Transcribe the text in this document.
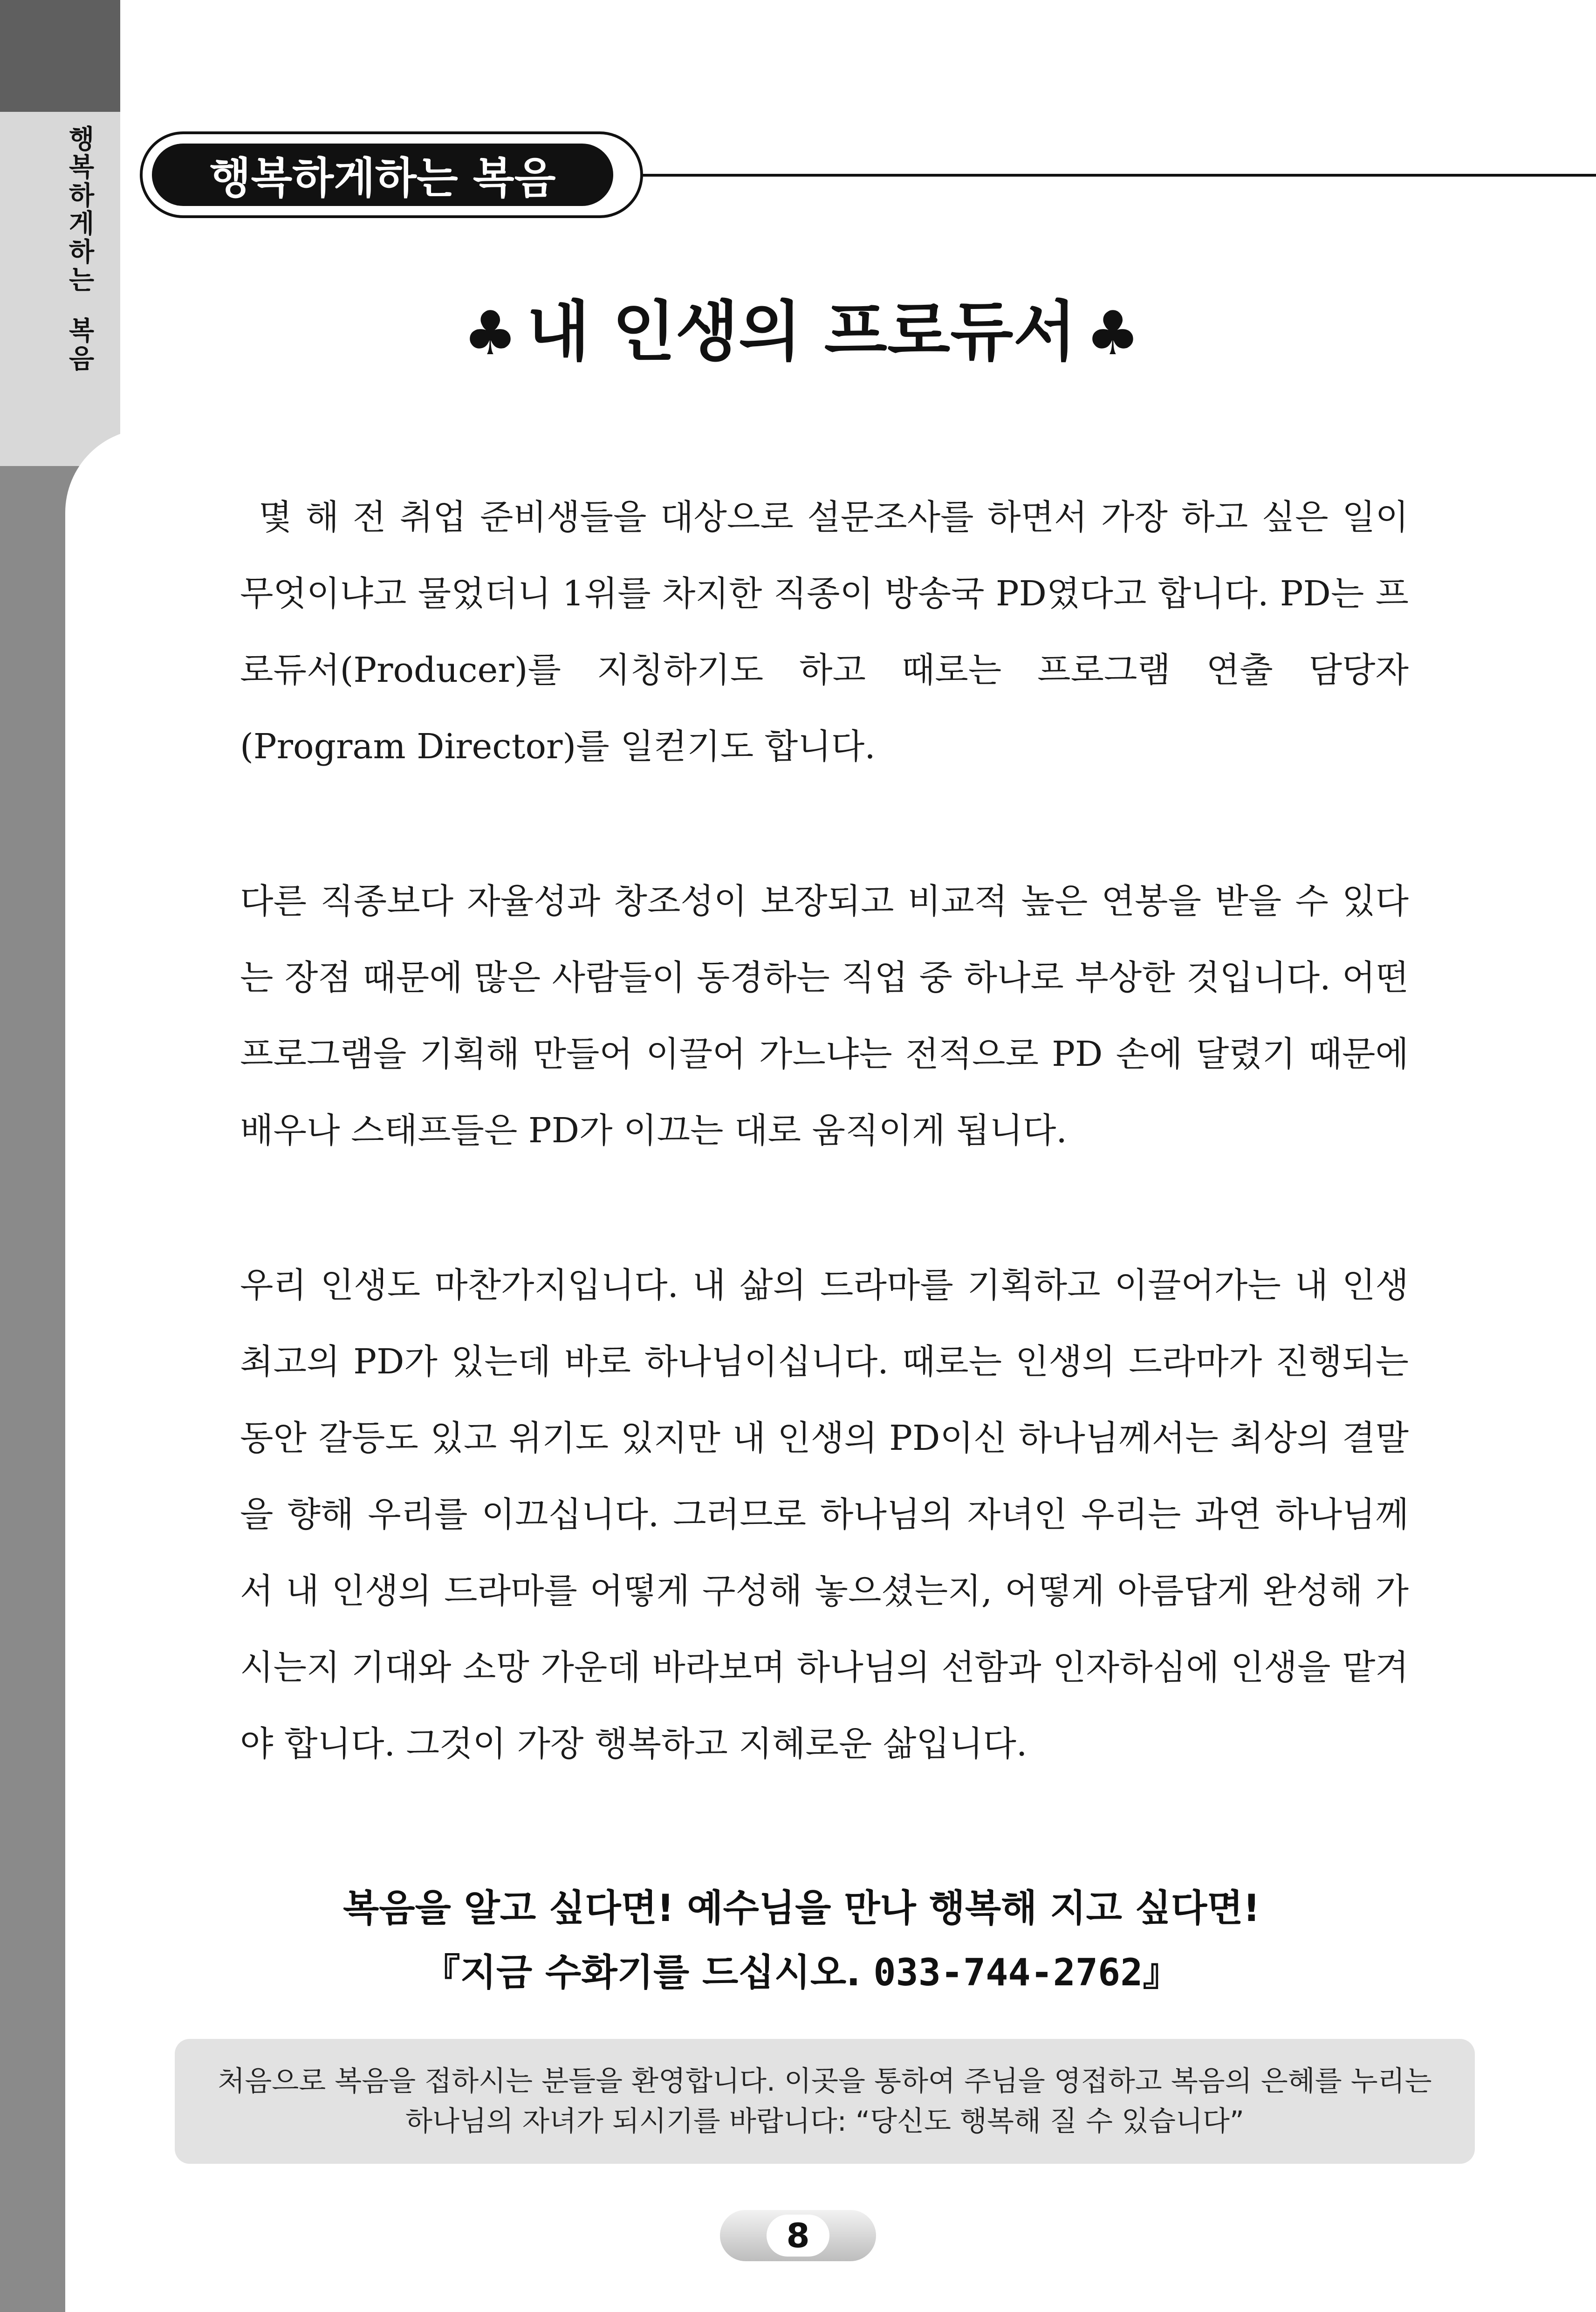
행
복
하
게
하
는
복
음
행복하게하는 복음
♣ 내 인생의 프로듀서 ♣

몇 해 전 취업 준비생들을 대상으로 설문조사를 하면서 가장 하고 싶은 일이 무엇이냐고 물었더니 1위를 차지한 직종이 방송국 PD였다고 합니다. PD는 프로듀서(Producer)를 지칭하기도 하고 때로는 프로그램 연출 담당자(Program Director)를 일컫기도 합니다.

다른 직종보다 자율성과 창조성이 보장되고 비교적 높은 연봉을 받을 수 있다는 장점 때문에 많은 사람들이 동경하는 직업 중 하나로 부상한 것입니다. 어떤 프로그램을 기획해 만들어 이끌어 가느냐는 전적으로 PD 손에 달렸기 때문에 배우나 스태프들은 PD가 이끄는 대로 움직이게 됩니다.

우리 인생도 마찬가지입니다. 내 삶의 드라마를 기획하고 이끌어가는 내 인생 최고의 PD가 있는데 바로 하나님이십니다. 때로는 인생의 드라마가 진행되는 동안 갈등도 있고 위기도 있지만 내 인생의 PD이신 하나님께서는 최상의 결말을 향해 우리를 이끄십니다. 그러므로 하나님의 자녀인 우리는 과연 하나님께서 내 인생의 드라마를 어떻게 구성해 놓으셨는지, 어떻게 아름답게 완성해 가시는지 기대와 소망 가운데 바라보며 하나님의 선함과 인자하심에 인생을 맡겨야 합니다. 그것이 가장 행복하고 지혜로운 삶입니다.

복음을 알고 싶다면! 예수님을 만나 행복해 지고 싶다면!
『지금 수화기를 드십시오. 033-744-2762』
처음으로 복음을 접하시는 분들을 환영합니다. 이곳을 통하여 주님을 영접하고 복음의 은혜를 누리는
하나님의 자녀가 되시기를 바랍니다: “당신도 행복해 질 수 있습니다”
8
